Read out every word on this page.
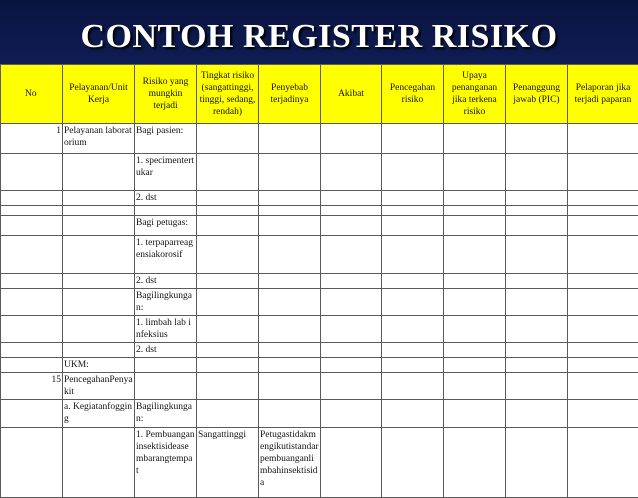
CONTOH REGISTER RISIKO
No	Pelayanan/Unit Kerja	Risiko yang mungkin terjadi	Tingkat risiko (sangattinggi, tinggi, sedang, rendah)	Penyebab terjadinya	Akibat	Pencegahan risiko	Upaya penanganan jika terkena risiko	Penanggung jawab (PIC)	Pelaporan jika terjadi paparan
1	Pelayanan laboratorium	Bagi pasien:							
		1. specimentertukar							
		2. dst							

		Bagi petugas:							
		1. terpaparreagensiakorosif							
		2. dst							
		Bagilingkungan:							
		1. limbah lab infeksius							
		2. dst							
	UKM:								
15	PencegahanPenyakit								
	a. Kegiatanfogging	Bagilingkungan:							
		1. Pembuanganinsektisideasembarangtempat	Sangattinggi	Petugastidakmengikutistandarpembuanganlimbahinsektisida					
